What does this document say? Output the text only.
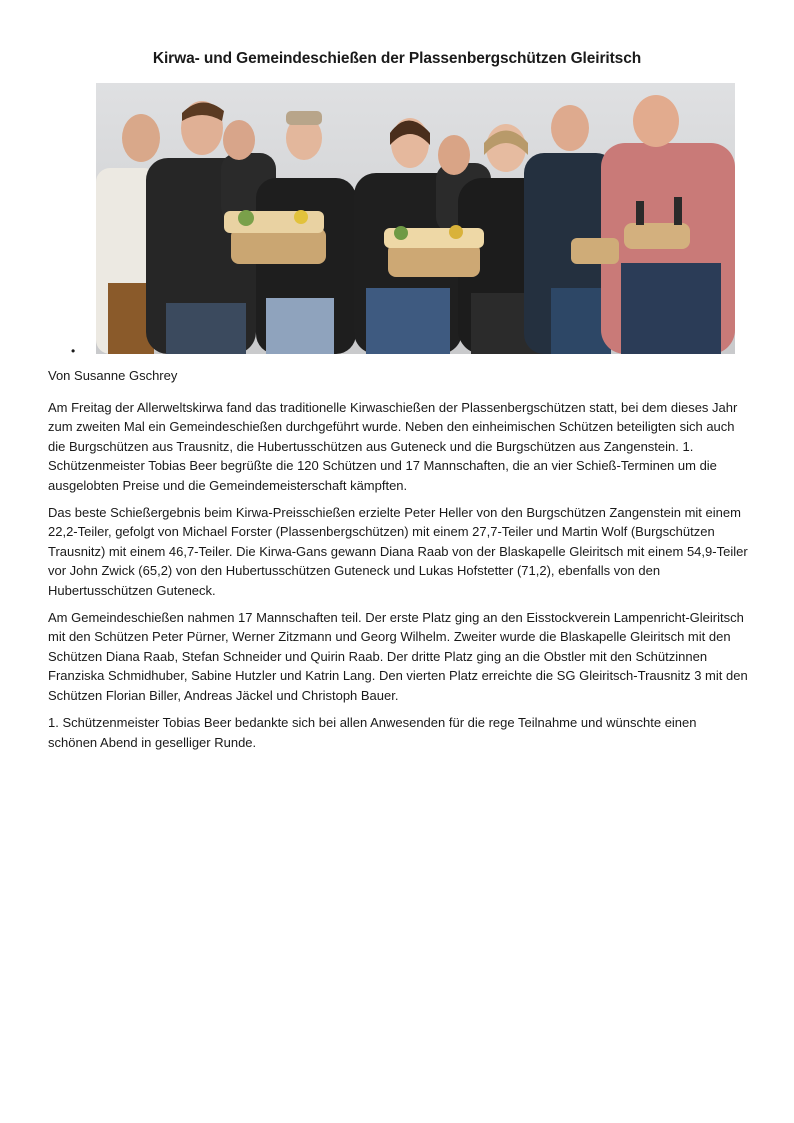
Kirwa- und Gemeindeschießen der Plassenbergschützen Gleiritsch
•

Von Susanne Gschrey

Am Freitag der Allerweltskirwa fand das traditionelle Kirwaschießen der Plassenbergschützen statt, bei dem dieses Jahr zum zweiten Mal ein Gemeindeschießen durchgeführt wurde. Neben den einheimischen Schützen beteiligten sich auch die Burgschützen aus Trausnitz, die Hubertusschützen aus Guteneck und die Burgschützen aus Zangenstein. 1. Schützenmeister Tobias Beer begrüßte die 120 Schützen und 17 Mannschaften, die an vier Schieß-Terminen um die ausgelobten Preise und die Gemeindemeisterschaft kämpften.

Das beste Schießergebnis beim Kirwa-Preisschießen erzielte Peter Heller von den Burgschützen Zangenstein mit einem 22,2-Teiler, gefolgt von Michael Forster (Plassenbergschützen) mit einem 27,7-Teiler und Martin Wolf (Burgschützen Trausnitz) mit einem 46,7-Teiler. Die Kirwa-Gans gewann Diana Raab von der Blaskapelle Gleiritsch mit einem 54,9-Teiler vor John Zwick (65,2) von den Hubertusschützen Guteneck und Lukas Hofstetter (71,2), ebenfalls von den Hubertusschützen Guteneck.

Am Gemeindeschießen nahmen 17 Mannschaften teil. Der erste Platz ging an den Eisstockverein Lampenricht-Gleiritsch mit den Schützen Peter Pürner, Werner Zitzmann und Georg Wilhelm. Zweiter wurde die Blaskapelle Gleiritsch mit den Schützen Diana Raab, Stefan Schneider und Quirin Raab. Der dritte Platz ging an die Obstler mit den Schützinnen Franziska Schmidhuber, Sabine Hutzler und Katrin Lang. Den vierten Platz erreichte die SG Gleiritsch-Trausnitz 3 mit den Schützen Florian Biller, Andreas Jäckel und Christoph Bauer.

1. Schützenmeister Tobias Beer bedankte sich bei allen Anwesenden für die rege Teilnahme und wünschte einen schönen Abend in geselliger Runde.
